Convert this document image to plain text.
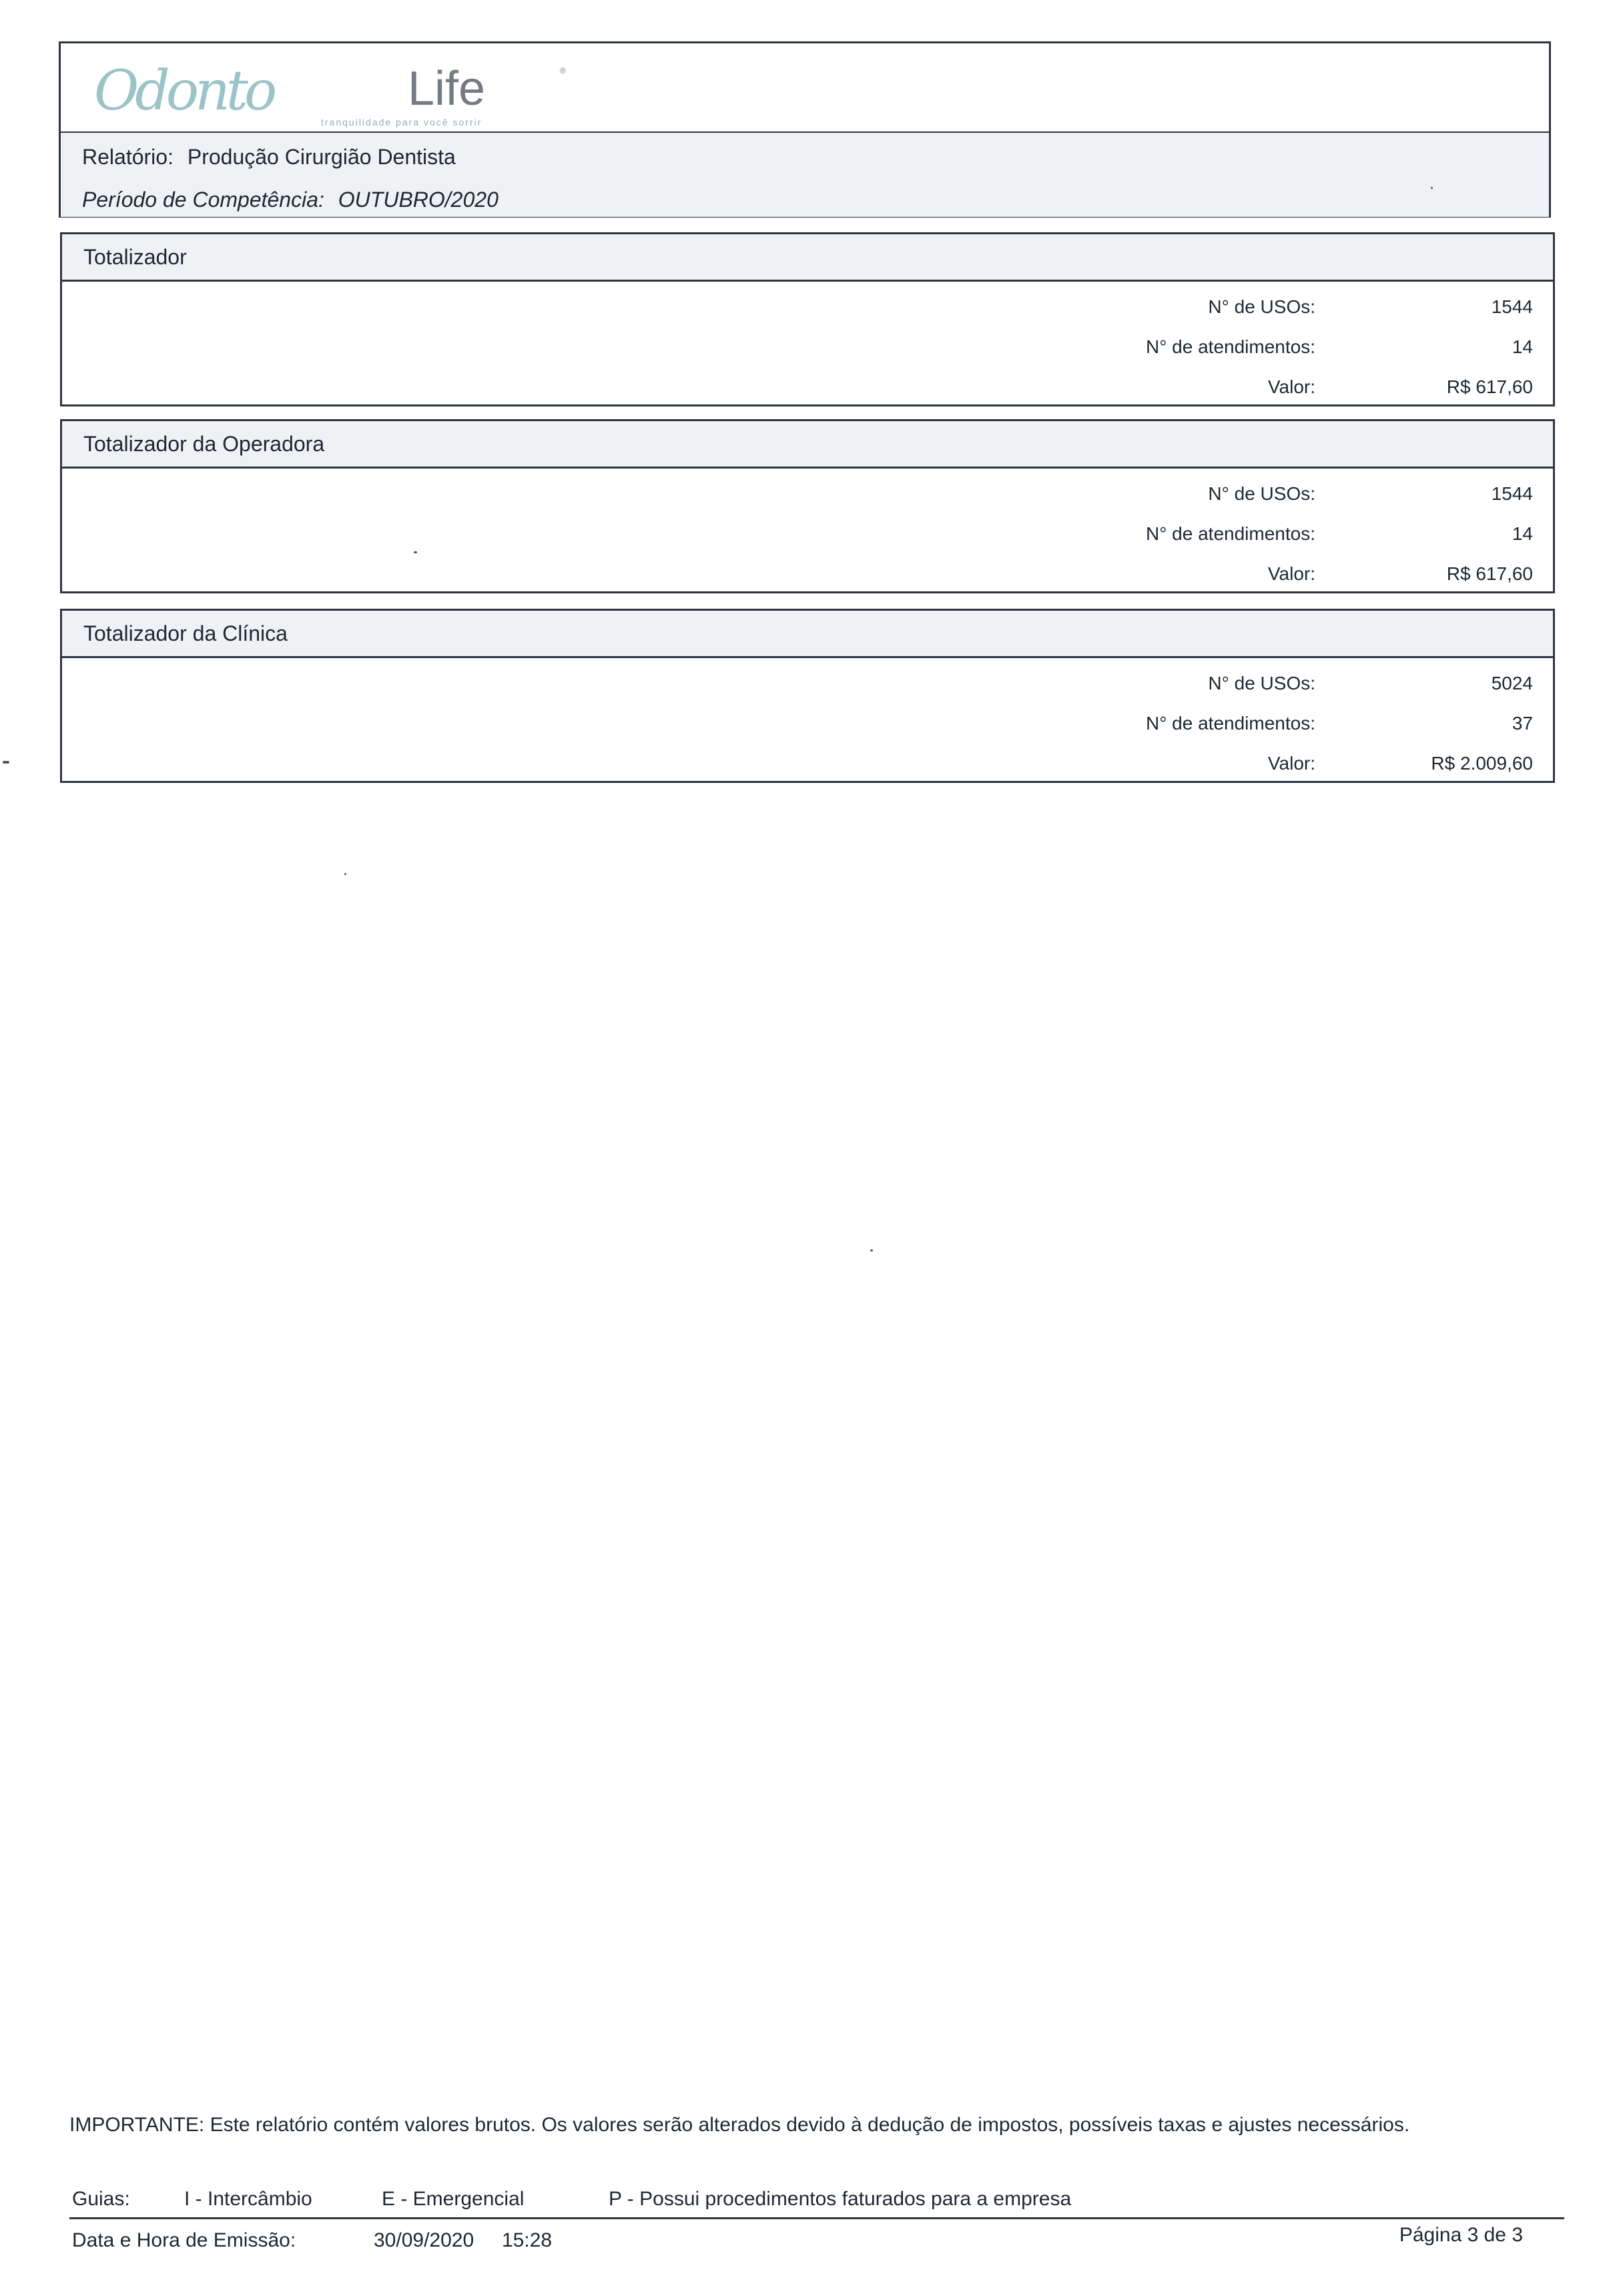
Odonto	Life	®
tranquilidade para você sorrir
Relatório: Produção Cirurgião Dentista
Período de Competência: OUTUBRO/2020
Totalizador
N° de USOs:	1544
N° de atendimentos:	14
Valor:	R$ 617,60
Totalizador da Operadora
N° de USOs:	1544
N° de atendimentos:	14
Valor:	R$ 617,60
Totalizador da Clínica
N° de USOs:	5024
N° de atendimentos:	37
Valor:	R$ 2.009,60
IMPORTANTE: Este relatório contém valores brutos. Os valores serão alterados devido à dedução de impostos, possíveis taxas e ajustes necessários.
Guias:	I - Intercâmbio	E - Emergencial	P - Possui procedimentos faturados para a empresa
Data e Hora de Emissão:	30/09/2020 15:28	Página 3 de 3
